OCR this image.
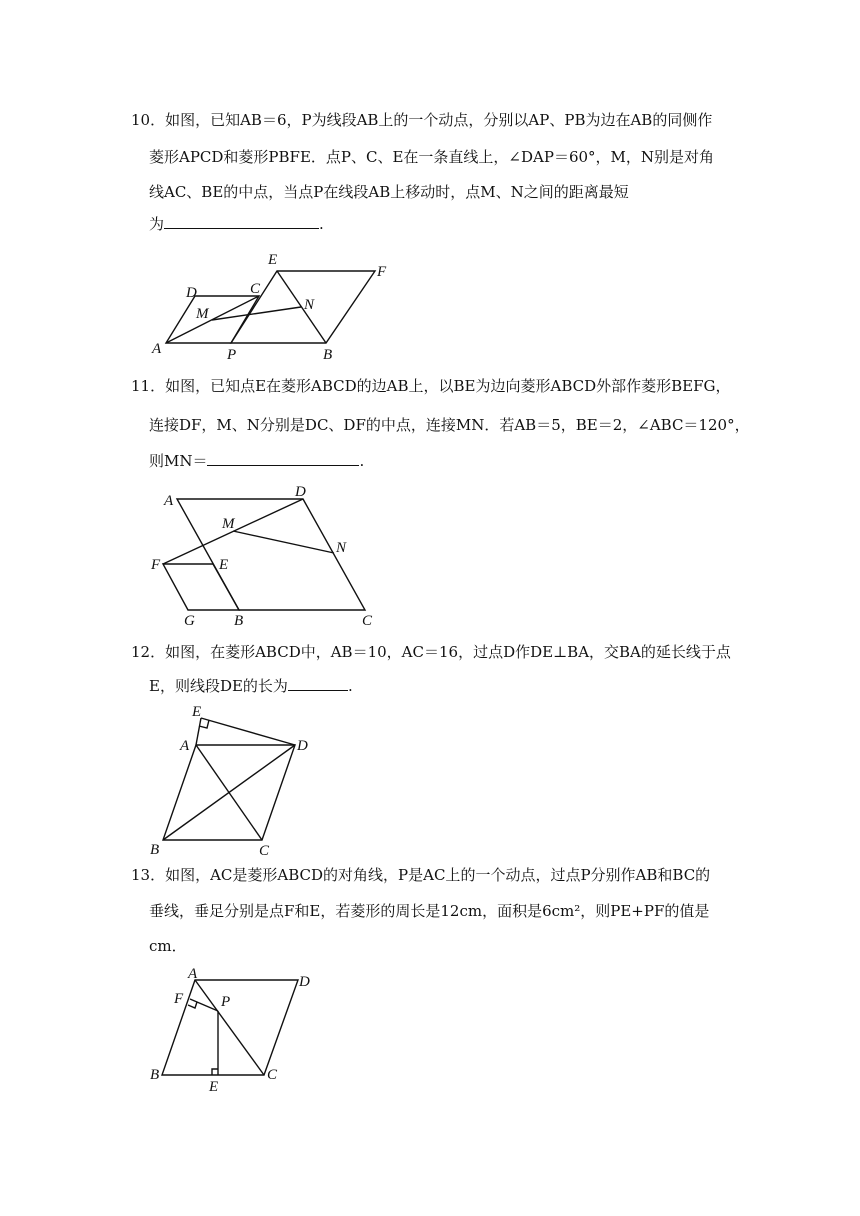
10．如图，已知AB＝6，P为线段AB上的一个动点，分别以AP、PB为边在AB的同侧作
菱形APCD和菱形PBFE．点P、C、E在一条直线上，∠DAP＝60°，M，N别是对角
线AC、BE的中点，当点P在线段AB上移动时，点M、N之间的距离最短
为	.
A	P	B
D	C
E
F
M
N
11．如图，已知点E在菱形ABCD的边AB上，以BE为边向菱形ABCD外部作菱形BEFG，
连接DF，M、N分别是DC、DF的中点，连接MN．若AB＝5，BE＝2，∠ABC＝120°，
则MN＝	.
A
D
M
N
F	E
G	B	C
12．如图，在菱形ABCD中，AB＝10，AC＝16，过点D作DE⊥BA，交BA的延长线于点
E，则线段DE的长为	.
E
A	D
B	C
13．如图，AC是菱形ABCD的对角线，P是AC上的一个动点，过点P分别作AB和BC的
垂线，垂足分别是点F和E，若菱形的周长是12cm，面积是6cm²，则PE+PF的值是
cm．
A	D
F	P
B
E
C
